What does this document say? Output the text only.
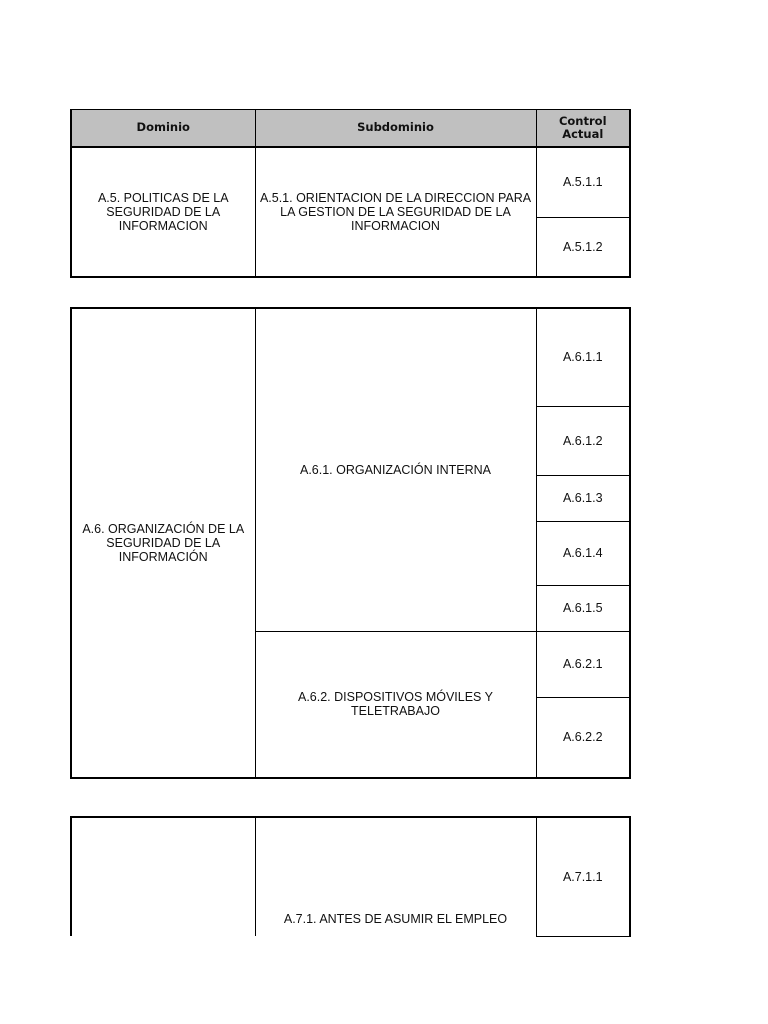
Dominio	Subdominio	Control Actual
A.5. POLITICAS DE LA SEGURIDAD DE LA INFORMACION	A.5.1. ORIENTACION DE LA DIRECCION PARA LA GESTION DE LA SEGURIDAD DE LA INFORMACION	A.5.1.1
		A.5.1.2
A.6. ORGANIZACIÓN DE LA SEGURIDAD DE LA INFORMACIÓN	A.6.1. ORGANIZACIÓN INTERNA	A.6.1.1
		A.6.1.2
		A.6.1.3
		A.6.1.4
		A.6.1.5
	A.6.2. DISPOSITIVOS MÓVILES Y TELETRABAJO	A.6.2.1
		A.6.2.2
	A.7.1. ANTES DE ASUMIR EL EMPLEO	A.7.1.1
